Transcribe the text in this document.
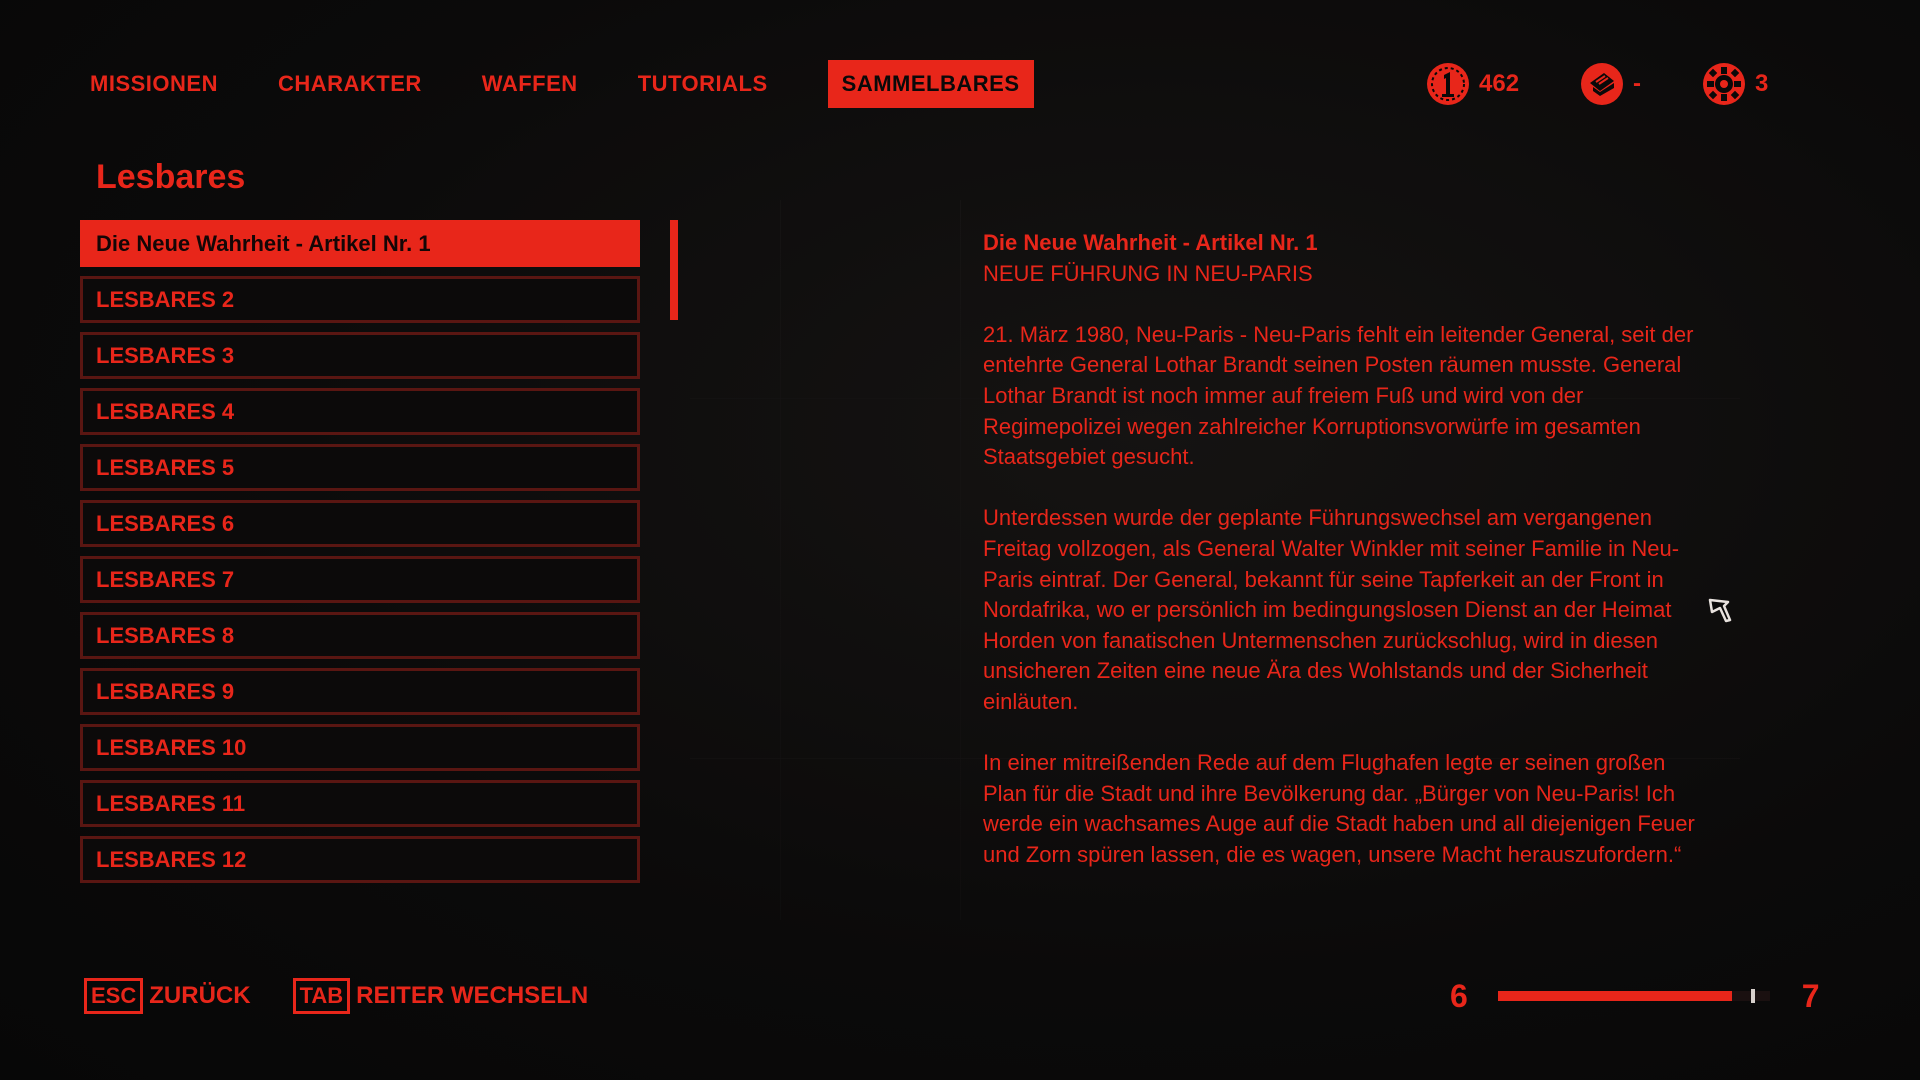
MISSIONEN	CHARAKTER	WAFFEN	TUTORIALS	SAMMELBARES	462	-	3
Lesbares
Die Neue Wahrheit - Artikel Nr. 1
LESBARES 2
LESBARES 3
LESBARES 4
LESBARES 5
LESBARES 6
LESBARES 7
LESBARES 8
LESBARES 9
LESBARES 10
LESBARES 11
LESBARES 12
Die Neue Wahrheit - Artikel Nr. 1
NEUE FÜHRUNG IN NEU-PARIS

21. März 1980, Neu-Paris - Neu-Paris fehlt ein leitender General, seit der entehrte General Lothar Brandt seinen Posten räumen musste. General Lothar Brandt ist noch immer auf freiem Fuß und wird von der Regimepolizei wegen zahlreicher Korruptionsvorwürfe im gesamten Staatsgebiet gesucht.

Unterdessen wurde der geplante Führungswechsel am vergangenen Freitag vollzogen, als General Walter Winkler mit seiner Familie in Neu-Paris eintraf. Der General, bekannt für seine Tapferkeit an der Front in Nordafrika, wo er persönlich im bedingungslosen Dienst an der Heimat Horden von fanatischen Untermenschen zurückschlug, wird in diesen unsicheren Zeiten eine neue Ära des Wohlstands und der Sicherheit einläuten.

In einer mitreißenden Rede auf dem Flughafen legte er seinen großen Plan für die Stadt und ihre Bevölkerung dar. „Bürger von Neu-Paris! Ich werde ein wachsames Auge auf die Stadt haben und all diejenigen Feuer und Zorn spüren lassen, die es wagen, unsere Macht herauszufordern.“

ESC ZURÜCK	TAB REITER WECHSELN	6	7
